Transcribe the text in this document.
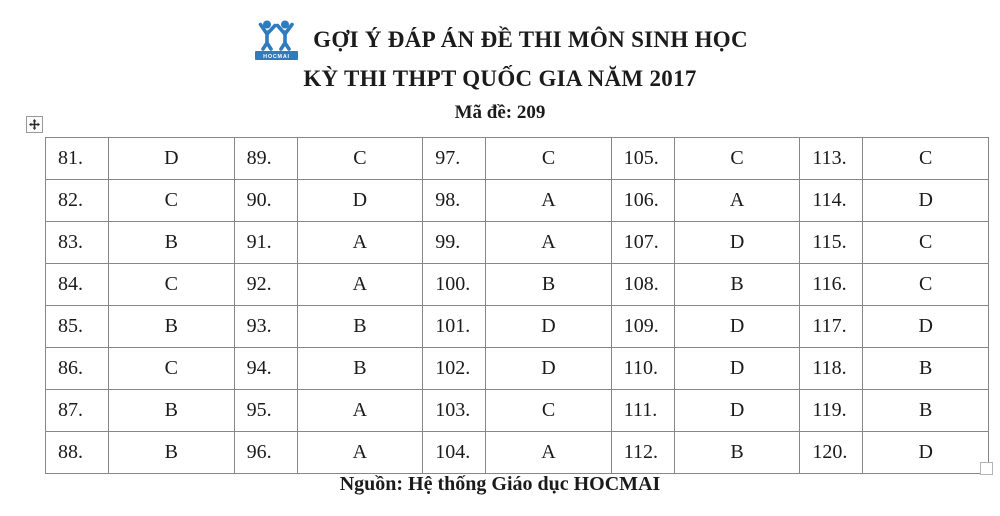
HOCMAI
GỢI Ý ĐÁP ÁN ĐỀ THI MÔN SINH HỌC
KỲ THI THPT QUỐC GIA NĂM 2017
Mã đề: 209
81.	D	89.	C	97.	C	105.	C	113.	C
82.	C	90.	D	98.	A	106.	A	114.	D
83.	B	91.	A	99.	A	107.	D	115.	C
84.	C	92.	A	100.	B	108.	B	116.	C
85.	B	93.	B	101.	D	109.	D	117.	D
86.	C	94.	B	102.	D	110.	D	118.	B
87.	B	95.	A	103.	C	111.	D	119.	B
88.	B	96.	A	104.	A	112.	B	120.	D
Nguồn: Hệ thống Giáo dục HOCMAI
